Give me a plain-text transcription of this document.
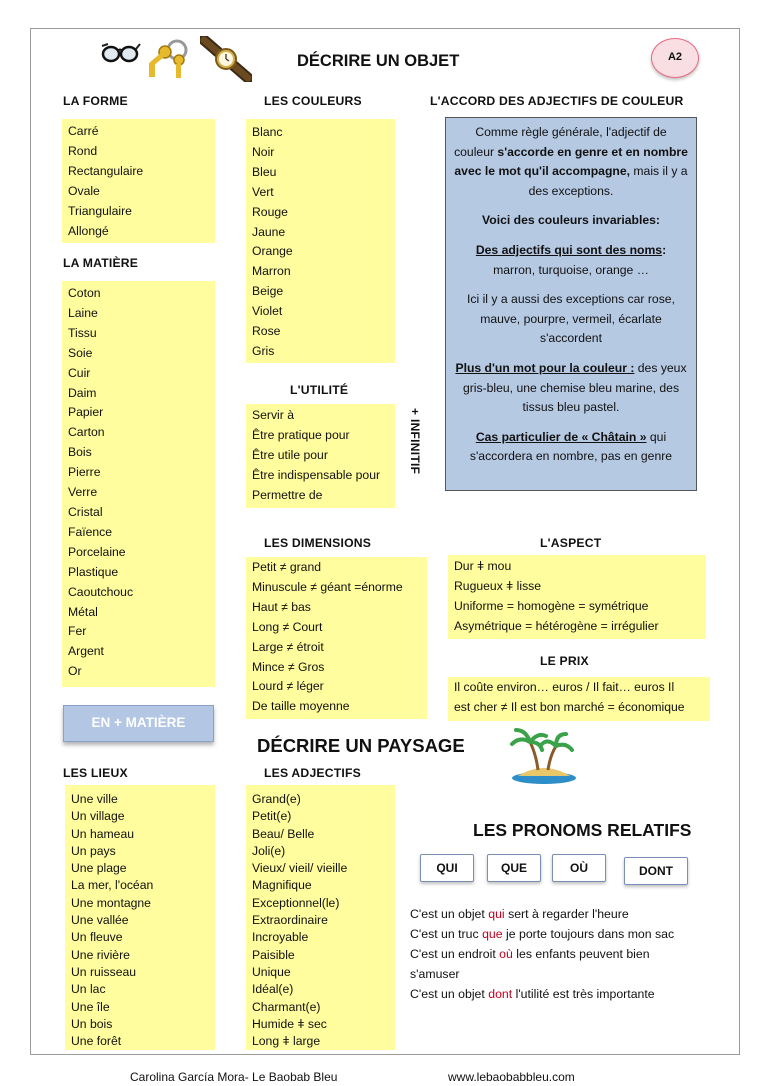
DÉCRIRE UN OBJET	A2
LA FORME	LES COULEURS	L'ACCORD DES ADJECTIFS DE COULEUR
Carré
Rond
Rectangulaire
Ovale
Triangulaire
Allongé
Blanc
Noir
Bleu
Vert
Rouge
Jaune
Orange
Marron
Beige
Violet
Rose
Gris

Comme règle générale, l'adjectif de couleur s'accorde en genre et en nombre avec le mot qu'il accompagne, mais il y a des exceptions.

Voici des couleurs invariables:

Des adjectifs qui sont des noms:
marron, turquoise, orange …

Ici il y a aussi des exceptions car rose, mauve, pourpre, vermeil, écarlate s'accordent

Plus d'un mot pour la couleur : des yeux gris-bleu, une chemise bleu marine, des tissus bleu pastel.

Cas particulier de « Châtain » qui s'accordera en nombre, pas en genre

LA MATIÈRE
Coton
Laine
Tissu
Soie
Cuir
Daim
Papier
Carton
Bois
Pierre
Verre
Cristal
Faïence
Porcelaine
Plastique
Caoutchouc
Métal
Fer
Argent
Or
EN + MATIÈRE
L'UTILITÉ
Servir à
Être pratique pour
Être utile pour
Être indispensable pour
Permettre de
+ INFINITIF
LES DIMENSIONS
Petit ≠ grand
Minuscule ≠ géant =énorme
Haut ≠ bas
Long ≠ Court
Large ≠ étroit
Mince ≠ Gros
Lourd ≠ léger
De taille moyenne
L'ASPECT
Dur ǂ mou
Rugueux ǂ lisse
Uniforme = homogène = symétrique
Asymétrique = hétérogène = irrégulier
LE PRIX
Il coûte environ… euros / Il fait… euros Il
est cher ≠ Il est bon marché = économique
DÉCRIRE UN PAYSAGE
LES LIEUX
Une ville
Un village
Un hameau
Un pays
Une plage
La mer, l'océan
Une montagne
Une vallée
Un fleuve
Une rivière
Un ruisseau
Un lac
Une île
Un bois
Une forêt
LES ADJECTIFS
Grand(e)
Petit(e)
Beau/ Belle
Joli(e)
Vieux/ vieil/ vieille
Magnifique
Exceptionnel(le)
Extraordinaire
Incroyable
Paisible
Unique
Idéal(e)
Charmant(e)
Humide ǂ sec
Long ǂ large
LES PRONOMS RELATIFS
QUI	QUE	OÙ	DONT
C'est un objet qui sert à regarder l'heure
C'est un truc que je porte toujours dans mon sac
C'est un endroit où les enfants peuvent bien
s'amuser
C'est un objet dont l'utilité est très importante
Carolina García Mora- Le Baobab Bleu	www.lebaobabbleu.com
